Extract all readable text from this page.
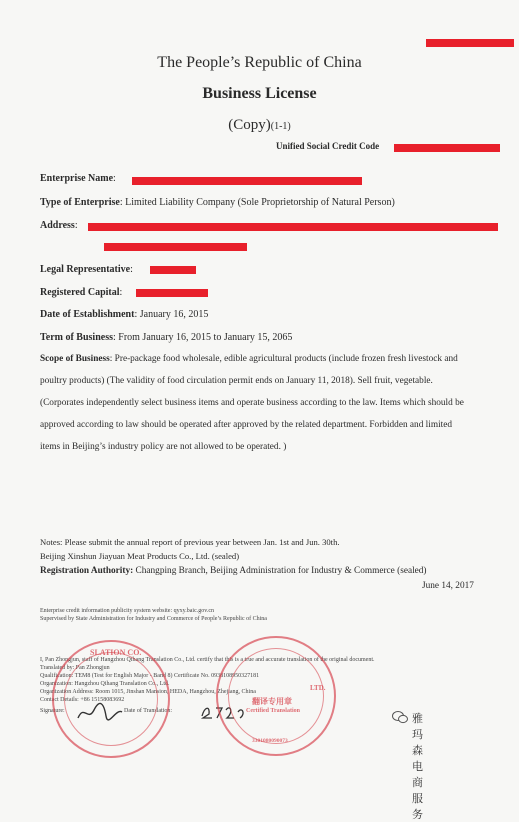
The People’s Republic of China
Business License
(Copy)(1-1)
Unified Social Credit Code
Enterprise Name:
Type of Enterprise: Limited Liability Company (Sole Proprietorship of Natural Person)
Address:
Legal Representative:
Registered Capital:
Date of Establishment: January 16, 2015
Term of Business: From January 16, 2015 to January 15, 2065
Scope of Business: Pre-package food wholesale, edible agricultural products (include frozen fresh livestock and
poultry products) (The validity of food circulation permit ends on January 11, 2018). Sell fruit, vegetable.
(Corporates independently select business items and operate business according to the law. Items which should be
approved according to law should be operated after approved by the related department. Forbidden and limited
items in Beijing’s industry policy are not allowed to be operated. )
Notes: Please submit the annual report of previous year between Jan. 1st and Jun. 30th.
Beijing Xinshun Jiayuan Meat Products Co., Ltd. (sealed)
Registration Authority: Changping Branch, Beijing Administration for Industry & Commerce (sealed)
June 14, 2017
Enterprise credit information publicity system website: qyxy.baic.gov.cn
Supervised by State Administration for Industry and Commerce of People’s Republic of China
I, Pan Zhongjun, staff of Hangzhou Qihang Translation Co., Ltd. certify that this is a true and accurate translation of the original document.
Translated by: Pan Zhongjun
Qualification: TEM8 (Test for English Major - Band 8) Certificate No. 0938108950327181
Organization: Hangzhou Qihang Translation Co., Ltd.
Organization Address: Room 1015, Jinshan Mansion, HEDA, Hangzhou, Zhejiang, China
Contact Details: +86 15158083692
Signature:	Date of Translation:
SLATION CO.
LTD.
翻译专用章
Certified Translation
3301080090073
雅玛森电商服务
